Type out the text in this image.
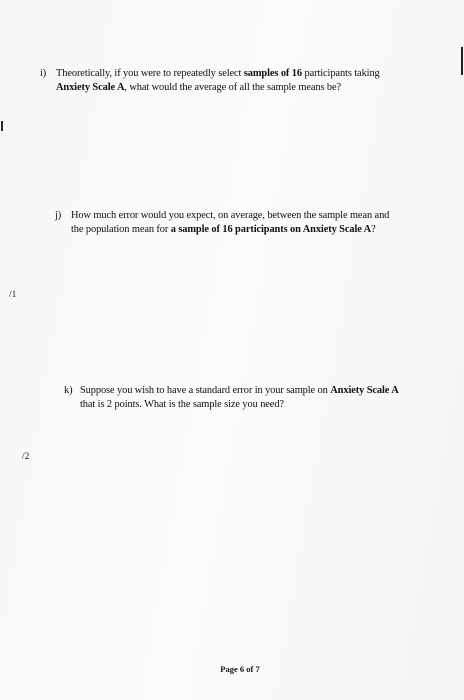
i) Theoretically, if you were to repeatedly select samples of 16 participants taking
Anxiety Scale A, what would the average of all the sample means be?
j) How much error would you expect, on average, between the sample mean and
the population mean for a sample of 16 participants on Anxiety Scale A?
/1
k) Suppose you wish to have a standard error in your sample on Anxiety Scale A
that is 2 points. What is the sample size you need?
/2
Page 6 of 7
